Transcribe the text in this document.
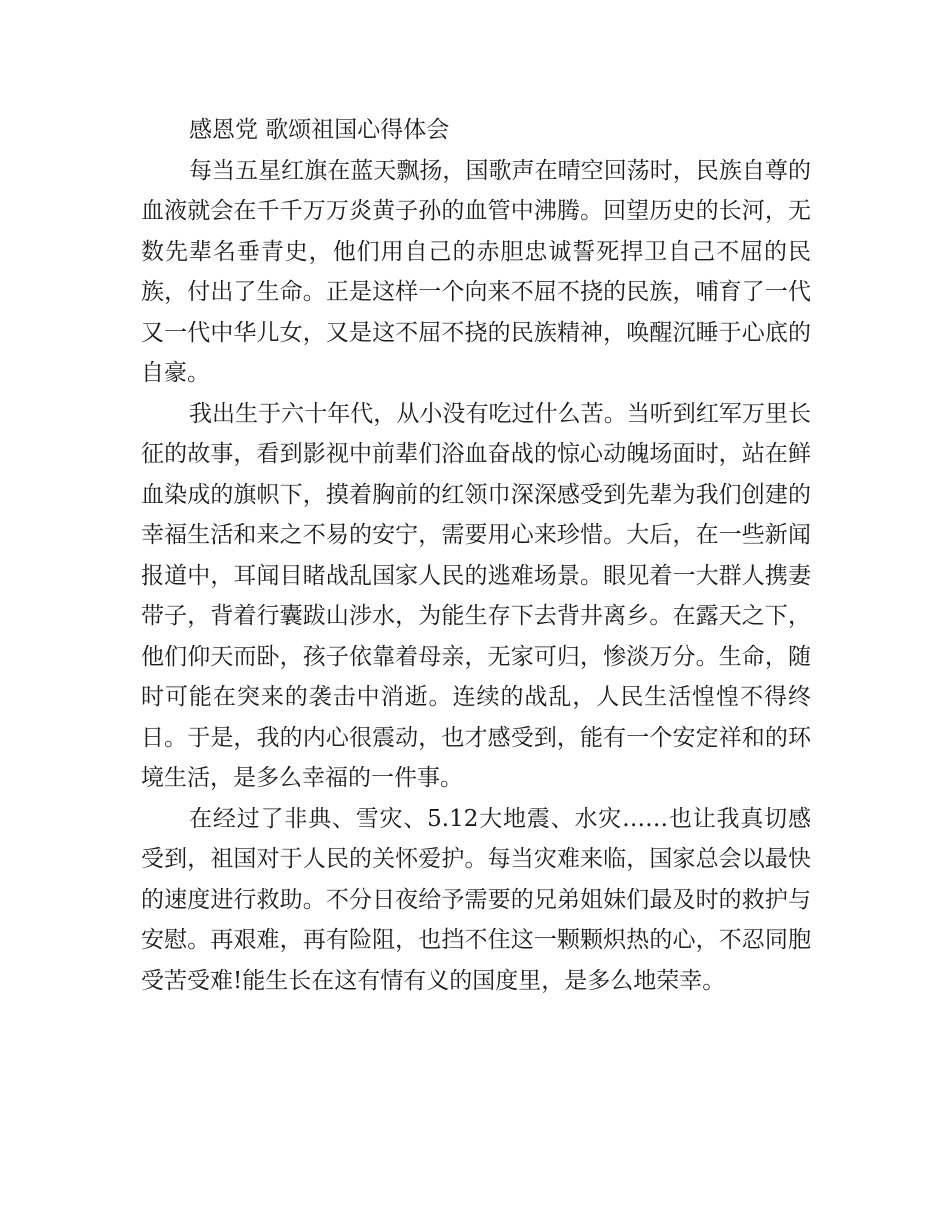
感恩党 歌颂祖国心得体会

每当五星红旗在蓝天飘扬，国歌声在晴空回荡时，民族自尊的血液就会在千千万万炎黄子孙的血管中沸腾。回望历史的长河，无数先辈名垂青史，他们用自己的赤胆忠诚誓死捍卫自己不屈的民族，付出了生命。正是这样一个向来不屈不挠的民族，哺育了一代又一代中华儿女，又是这不屈不挠的民族精神，唤醒沉睡于心底的自豪。

我出生于六十年代，从小没有吃过什么苦。当听到红军万里长征的故事，看到影视中前辈们浴血奋战的惊心动魄场面时，站在鲜血染成的旗帜下，摸着胸前的红领巾深深感受到先辈为我们创建的幸福生活和来之不易的安宁，需要用心来珍惜。大后，在一些新闻报道中，耳闻目睹战乱国家人民的逃难场景。眼见着一大群人携妻带子，背着行囊跋山涉水，为能生存下去背井离乡。在露天之下，他们仰天而卧，孩子依靠着母亲，无家可归，惨淡万分。生命，随时可能在突来的袭击中消逝。连续的战乱，人民生活惶惶不得终日。于是，我的内心很震动，也才感受到，能有一个安定祥和的环境生活，是多么幸福的一件事。

在经过了非典、雪灾、5.12大地震、水灾……也让我真切感受到，祖国对于人民的关怀爱护。每当灾难来临，国家总会以最快的速度进行救助。不分日夜给予需要的兄弟姐妹们最及时的救护与安慰。再艰难，再有险阻，也挡不住这一颗颗炽热的心，不忍同胞受苦受难!能生长在这有情有义的国度里，是多么地荣幸。
